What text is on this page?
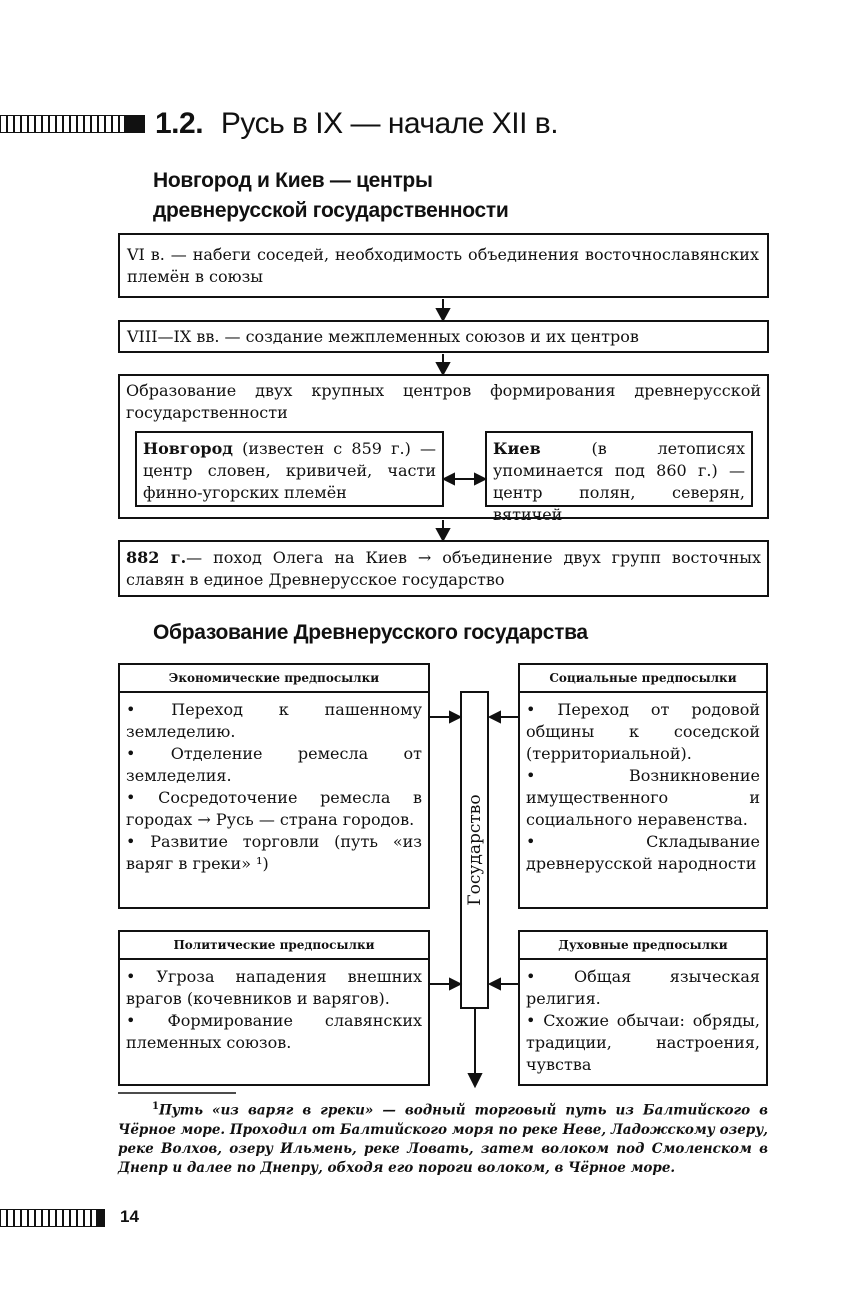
1.2. Русь в IX — начале XII в.
Новгород и Киев — центры
древнерусской государственности
VI в. — набеги соседей, необходимость объединения восточнославянских племён в союзы
VIII—IX вв. — создание межплеменных союзов и их центров
Образование двух крупных центров формирования древнерусской государственности
Новгород (известен с 859 г.) — центр словен, кривичей, части финно-угорских племён
Киев (в летописях упоминается под 860 г.) — центр полян, северян, вятичей
882 г.— поход Олега на Киев → объединение двух групп восточных славян в единое Древнерусское государство
Образование Древнерусского государства
Экономические предпосылки
• Переход к пашенному земледелию.
• Отделение ремесла от земледелия.
• Сосредоточение ремесла в городах → Русь — страна городов.
• Развитие торговли (путь «из варяг в греки» ¹)
Социальные предпосылки
• Переход от родовой общины к соседской (территориальной).
• Возникновение имущественного и социального неравенства.
• Складывание древнерусской народности
Политические предпосылки
• Угроза нападения внешних врагов (кочевников и варягов).
• Формирование славянских племенных союзов.
Духовные предпосылки
• Общая языческая религия.
• Схожие обычаи: обряды, традиции, настроения, чувства
Государство
$^1$Путь «из варяг в греки» — водный торговый путь из Балтийского в Чёрное море. Проходил от Балтийского моря по реке Неве, Ладожскому озеру, реке Волхов, озеру Ильмень, реке Ловать, затем волоком под Смоленском в Днепр и далее по Днепру, обходя его пороги волоком, в Чёрное море.
14
